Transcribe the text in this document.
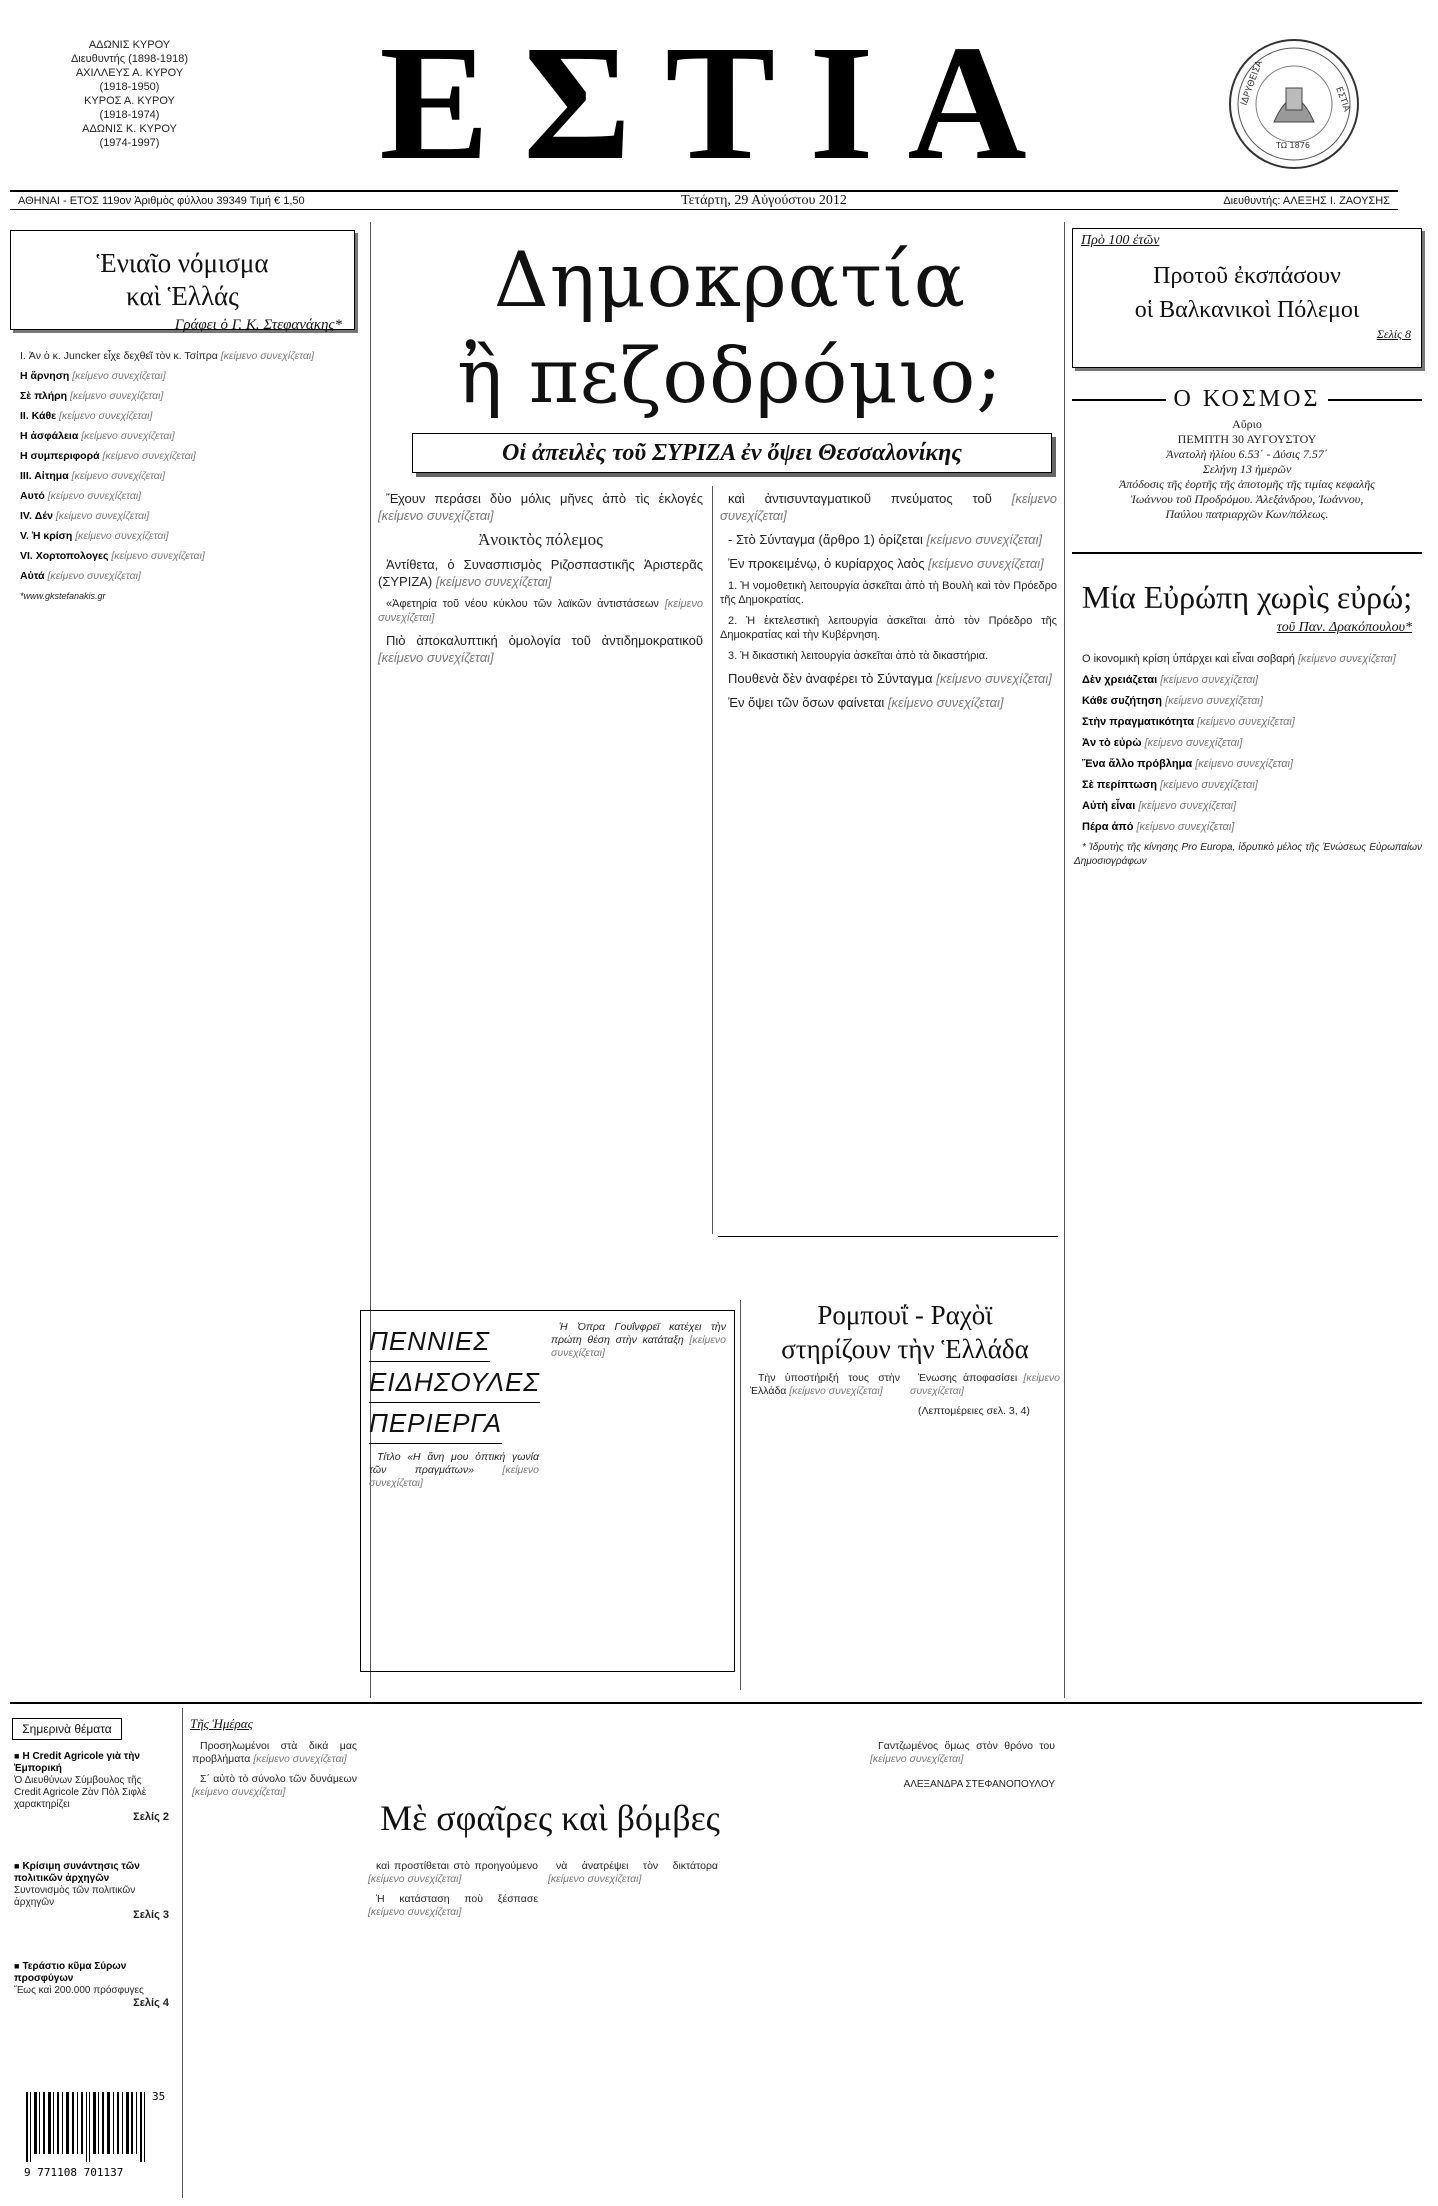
ΑΔΩΝΙΣ ΚΥΡΟΥ
Διευθυντής (1898-1918)
ΑΧΙΛΛΕΥΣ Α. ΚΥΡΟΥ
(1918-1950)
ΚΥΡΟΣ Α. ΚΥΡΟΥ
(1918-1974)
ΑΔΩΝΙΣ Κ. ΚΥΡΟΥ
(1974-1997)	ΕΣΤΙΑ	ΙΔΡΥΘΕΙΣΑ	ΕΣΤΙΑ
ΤΩ 1876
ΑΘΗΝΑΙ - ΕΤΟΣ 119ον Ἀριθμὸς φύλλου 39349 Τιμή € 1,50	Τετάρτη, 29 Αὐγούστου 2012	Διευθυντής: ΑΛΕΞΗΣ Ι. ΖΑΟΥΣΗΣ
Ἑνιαῖο νόμισμα
καὶ Ἑλλάς
Γράφει ὁ Γ. Κ. Στεφανάκης*

Ι. Ἀν ὁ κ. Juncker εἶχε δεχθεῖ τὸν κ. Τσίπρα [κείμενο συνεχίζεται]

Η ἄρνηση [κείμενο συνεχίζεται]

Σὲ πλήρη [κείμενο συνεχίζεται]

ΙΙ. Κάθε [κείμενο συνεχίζεται]

Η ἀσφάλεια [κείμενο συνεχίζεται]

Η συμπεριφορά [κείμενο συνεχίζεται]

ΙΙΙ. Αἰτημα [κείμενο συνεχίζεται]

Αυτό [κείμενο συνεχίζεται]

ΙV. Δέν [κείμενο συνεχίζεται]

V. Ἡ κρίση [κείμενο συνεχίζεται]

VI. Χορτοπολογες [κείμενο συνεχίζεται]

Αὐτά [κείμενο συνεχίζεται]

*www.gkstefanakis.gr

Δημοκρατία
ἢ πεζοδρόμιο;
Οἱ ἀπειλὲς τοῦ ΣΥΡΙΖΑ ἐν ὄψει Θεσσαλονίκης

Ἔχουν περάσει δὺο μόλις μῆνες ἀπὸ τὶς ἐκλογές [κείμενο συνεχίζεται]

Ἀνοικτὸς πόλεμος

Ἀντίθετα, ὁ Συνασπισμὸς Ριζοσπαστικῆς Ἀριστερᾶς (ΣΥΡΙΖΑ) [κείμενο συνεχίζεται]

«Ἀφετηρία τοῦ νέου κύκλου τῶν λαϊκῶν ἀντιστάσεων [κείμενο συνεχίζεται]

Πιὸ ἀποκαλυπτική ὁμολογία τοῦ ἀντιδημοκρατικοῦ [κείμενο συνεχίζεται]

καὶ ἀντισυνταγματικοῦ πνεύματος τοῦ [κείμενο συνεχίζεται]

- Στὸ Σύνταγμα (ἄρθρο 1) ὁρίζεται [κείμενο συνεχίζεται]

Ἐν προκειμένῳ, ὁ κυρίαρχος λαὸς [κείμενο συνεχίζεται]

1. Ἡ νομοθετικὴ λειτουργία ἀσκεῖται ἀπὸ τὴ Βουλὴ καὶ τὸν Πρόεδρο τῆς Δημοκρατίας.

2. Ἡ ἐκτελεστικὴ λειτουργία ἀσκεῖται ἀπὸ τὸν Πρόεδρο τῆς Δημοκρατίας καὶ τὴν Κυβέρνηση.

3. Ἡ δικαστικὴ λειτουργία ἀσκεῖται ἀπὸ τὰ δικαστήρια.

Πουθενὰ δὲν ἀναφέρει τὸ Σύνταγμα [κείμενο συνεχίζεται]

Ἐν ὄψει τῶν ὅσων φαίνεται [κείμενο συνεχίζεται]

Πρὸ 100 ἐτῶν
Προτοῦ ἐκσπάσουν
οἱ Βαλκανικοὶ Πόλεμοι
Σελίς 8
Ο ΚΟΣΜΟΣ
Αὔριο
ΠΕΜΠΤΗ 30 ΑΥΓΟΥΣΤΟΥ
Ἀνατολὴ ἡλίου 6.53΄ - Δύσις 7.57΄
Σελήνη 13 ἡμερῶν
Ἀπόδοσις τῆς ἑορτῆς τῆς ἀποτομῆς τῆς τιμίας κεφαλῆς
Ἰωάννου τοῦ Προδρόμου. Ἀλεξάνδρου, Ἰωάννου,
Παύλου πατριαρχῶν Κων/πόλεως.
Μία Εὐρώπη χωρὶς εὐρώ;
τοῦ Παν. Δρακόπουλου*

Ο ἰκονομικὴ κρίση ὑπάρχει καὶ εἶναι σοβαρή [κείμενο συνεχίζεται]

Δὲν χρειάζεται [κείμενο συνεχίζεται]

Κάθε συζήτηση [κείμενο συνεχίζεται]

Στὴν πραγματικότητα [κείμενο συνεχίζεται]

Ἀν τὸ εὐρὼ [κείμενο συνεχίζεται]

Ἕνα ἄλλο πρόβλημα [κείμενο συνεχίζεται]

Σὲ περίπτωση [κείμενο συνεχίζεται]

Αὐτὴ εἶναι [κείμενο συνεχίζεται]

Πέρα ἀπό [κείμενο συνεχίζεται]

* Ἱδρυτὴς τῆς κίνησης Pro Europa, ἱδρυτικὸ μέλος τῆς Ἑνώσεως Εὐρωπαίων Δημοσιογράφων

ΠΕΝΝΙΕΣ
ΕΙΔΗΣΟΥΛΕΣ
ΠΕΡΙΕΡΓΑ

Τίτλο «Η ἄνη μου ὀπτική γωνία τῶν πραγμάτων»	[κείμενο συνεχίζεται]

Ἡ Ὀπρα Γουΐνφρεϊ κατέχει τὴν πρώτη θέση στὴν κατάταξη [κείμενο συνεχίζεται]

Ρομπουΐ - Ραχὸϊ
στηρίζουν τὴν Ἑλλάδα

Τὴν ὑποστήριξή τους στὴν Ἑλλάδα [κείμενο συνεχίζεται]

Ἑνωσης ἀποφασίσει [κείμενο συνεχίζεται]

(Λεπτομέρειες σελ. 3, 4)

Σημερινὰ θέματα
■ Η Credit Agricole γιὰ τὴν Ἐμπορική
Ὁ Διευθύνων Σύμβουλος τῆς Credit Agricole Ζὰν Πὸλ Σιφλὲ χαρακτηρίζει
Σελίς 2
■ Κρίσιμη συνάντησις τῶν πολιτικῶν ἀρχηγῶν
Συντονισμὸς τῶν πολιτικῶν ἀρχηγῶν
Σελίς 3
■ Τεράστιο κῦμα Σύρων προσφύγων
Ἕως καὶ 200.000 πρόσφυγες
Σελίς 4
Τῆς Ἡμέρας
Μὲ σφαῖρες καὶ βόμβες

Προσηλωμένοι στὰ δικά μας προβλήματα [κείμενο συνεχίζεται]

Σ΄ αὐτὸ τὸ σύνολο τῶν δυνάμεων [κείμενο συνεχίζεται]

καὶ προστίθεται στὸ προηγούμενο [κείμενο συνεχίζεται]

Ἡ κατάσταση ποὺ ξέσπασε [κείμενο συνεχίζεται]

νὰ ἀνατρέψει τὸν δικτάτορα [κείμενο συνεχίζεται]

Γαντζωμένος ὅμως στὸν θρόνο του [κείμενο συνεχίζεται]

ΑΛΕΞΑΝΔΡΑ ΣΤΕΦΑΝΟΠΟΥΛΟΥ

35
9 771108 701137
